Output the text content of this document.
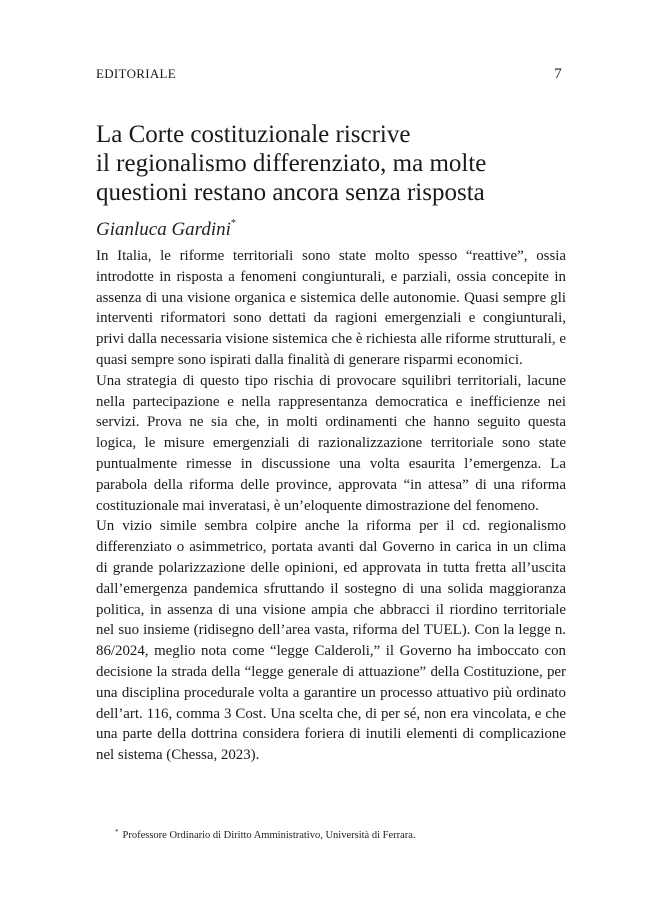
EDITORIALE	7
La Corte costituzionale riscrive
il regionalismo differenziato, ma molte
questioni restano ancora senza risposta
Gianluca Gardini*

In Italia, le riforme territoriali sono state molto spesso “reattive”, ossia introdotte in risposta a fenomeni congiunturali, e parziali, ossia concepite in assenza di una visione organica e sistemica delle autonomie. Quasi sempre gli interventi riformatori sono dettati da ragioni emergenziali e congiunturali, privi dalla necessaria visione sistemica che è richiesta alle riforme strutturali, e quasi sempre sono ispirati dalla finalità di generare risparmi economici.

Una strategia di questo tipo rischia di provocare squilibri territoriali, lacune nella partecipazione e nella rappresentanza democratica e inefficienze nei servizi. Prova ne sia che, in molti ordinamenti che hanno seguito questa logica, le misure emergenziali di razionalizzazione territoriale sono state puntualmente rimesse in discussione una volta esaurita l’emergenza. La parabola della riforma delle province, approvata “in attesa” di una riforma costituzionale mai inveratasi, è un’eloquente dimostrazione del fenomeno.

Un vizio simile sembra colpire anche la riforma per il cd. regionalismo differenziato o asimmetrico, portata avanti dal Governo in carica in un clima di grande polarizzazione delle opinioni, ed approvata in tutta fretta all’uscita dall’emergenza pandemica sfruttando il sostegno di una solida maggioranza politica, in assenza di una visione ampia che abbracci il riordino territoriale nel suo insieme (ridisegno dell’area vasta, riforma del TUEL). Con la legge n. 86/2024, meglio nota come “legge Calderoli,” il Governo ha imboccato con decisione la strada della “legge generale di attuazione” della Costituzione, per una disciplina procedurale volta a garantire un processo attuativo più ordinato dell’art. 116, comma 3 Cost. Una scelta che, di per sé, non era vincolata, e che una parte della dottrina considera foriera di inutili elementi di complicazione nel sistema (Chessa, 2023).

* Professore Ordinario di Diritto Amministrativo, Università di Ferrara.
